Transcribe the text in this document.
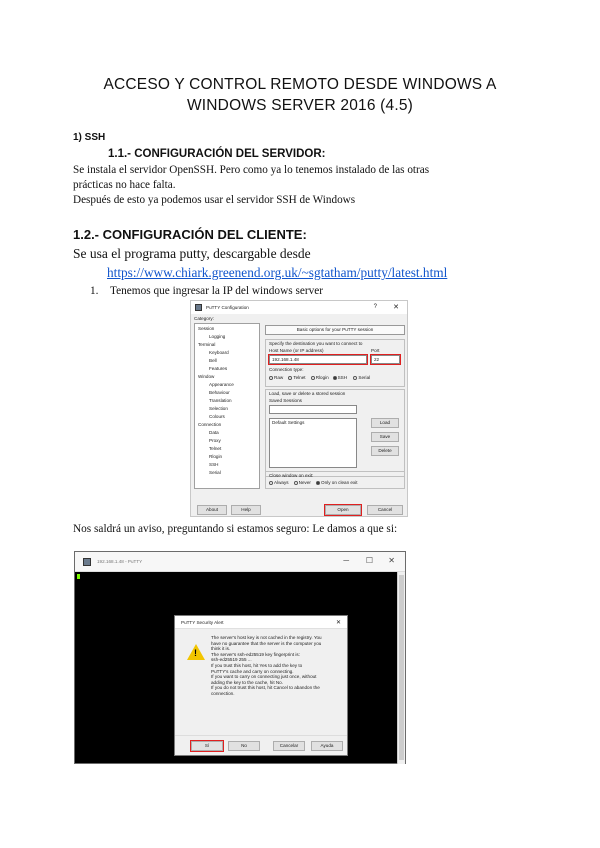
ACCESO Y CONTROL REMOTO DESDE WINDOWS A
WINDOWS SERVER 2016 (4.5)
1) SSH
1.1.- CONFIGURACIÓN DEL SERVIDOR:
Se instala el servidor OpenSSH. Pero como ya lo tenemos instalado de las otras
prácticas no hace falta.
Después de esto ya podemos usar el servidor SSH de Windows
1.2.- CONFIGURACIÓN DEL CLIENTE:
Se usa el programa putty, descargable desde
https://www.chiark.greenend.org.uk/~sgtatham/putty/latest.html
1. Tenemos que ingresar la IP del windows server
PuTTY Configuration	? ✕
Category:
Session
Logging
Terminal
Keyboard
Bell
Features
Window
Appearance
Behaviour
Translation
Selection
Colours
Connection
Data
Proxy
Telnet
Rlogin
SSH
Serial
Basic options for your PuTTY session
Specify the destination you want to connect to
Host Name (or IP address)	Port
192.168.1.48	22
Connection type:
Raw Telnet Rlogin SSH Serial
Load, save or delete a stored session
Saved Sessions
Default Settings	Load
Save
Delete
Close window on exit:
Always Never Only on clean exit
About	Help	Open	Cancel
Nos saldrá un aviso, preguntando si estamos seguro: Le damos a que si:
192.168.1.48 - PuTTY	─ ☐ ✕
PuTTY Security Alert	✕
!
The server's host key is not cached in the registry. You
have no guarantee that the server is the computer you
think it is.
The server's ssh-ed25519 key fingerprint is:
ssh-ed25519 255 ...
If you trust this host, hit Yes to add the key to
PuTTY's cache and carry on connecting.
If you want to carry on connecting just once, without
adding the key to the cache, hit No.
If you do not trust this host, hit Cancel to abandon the
connection.
Sí	No	Cancelar	Ayuda
